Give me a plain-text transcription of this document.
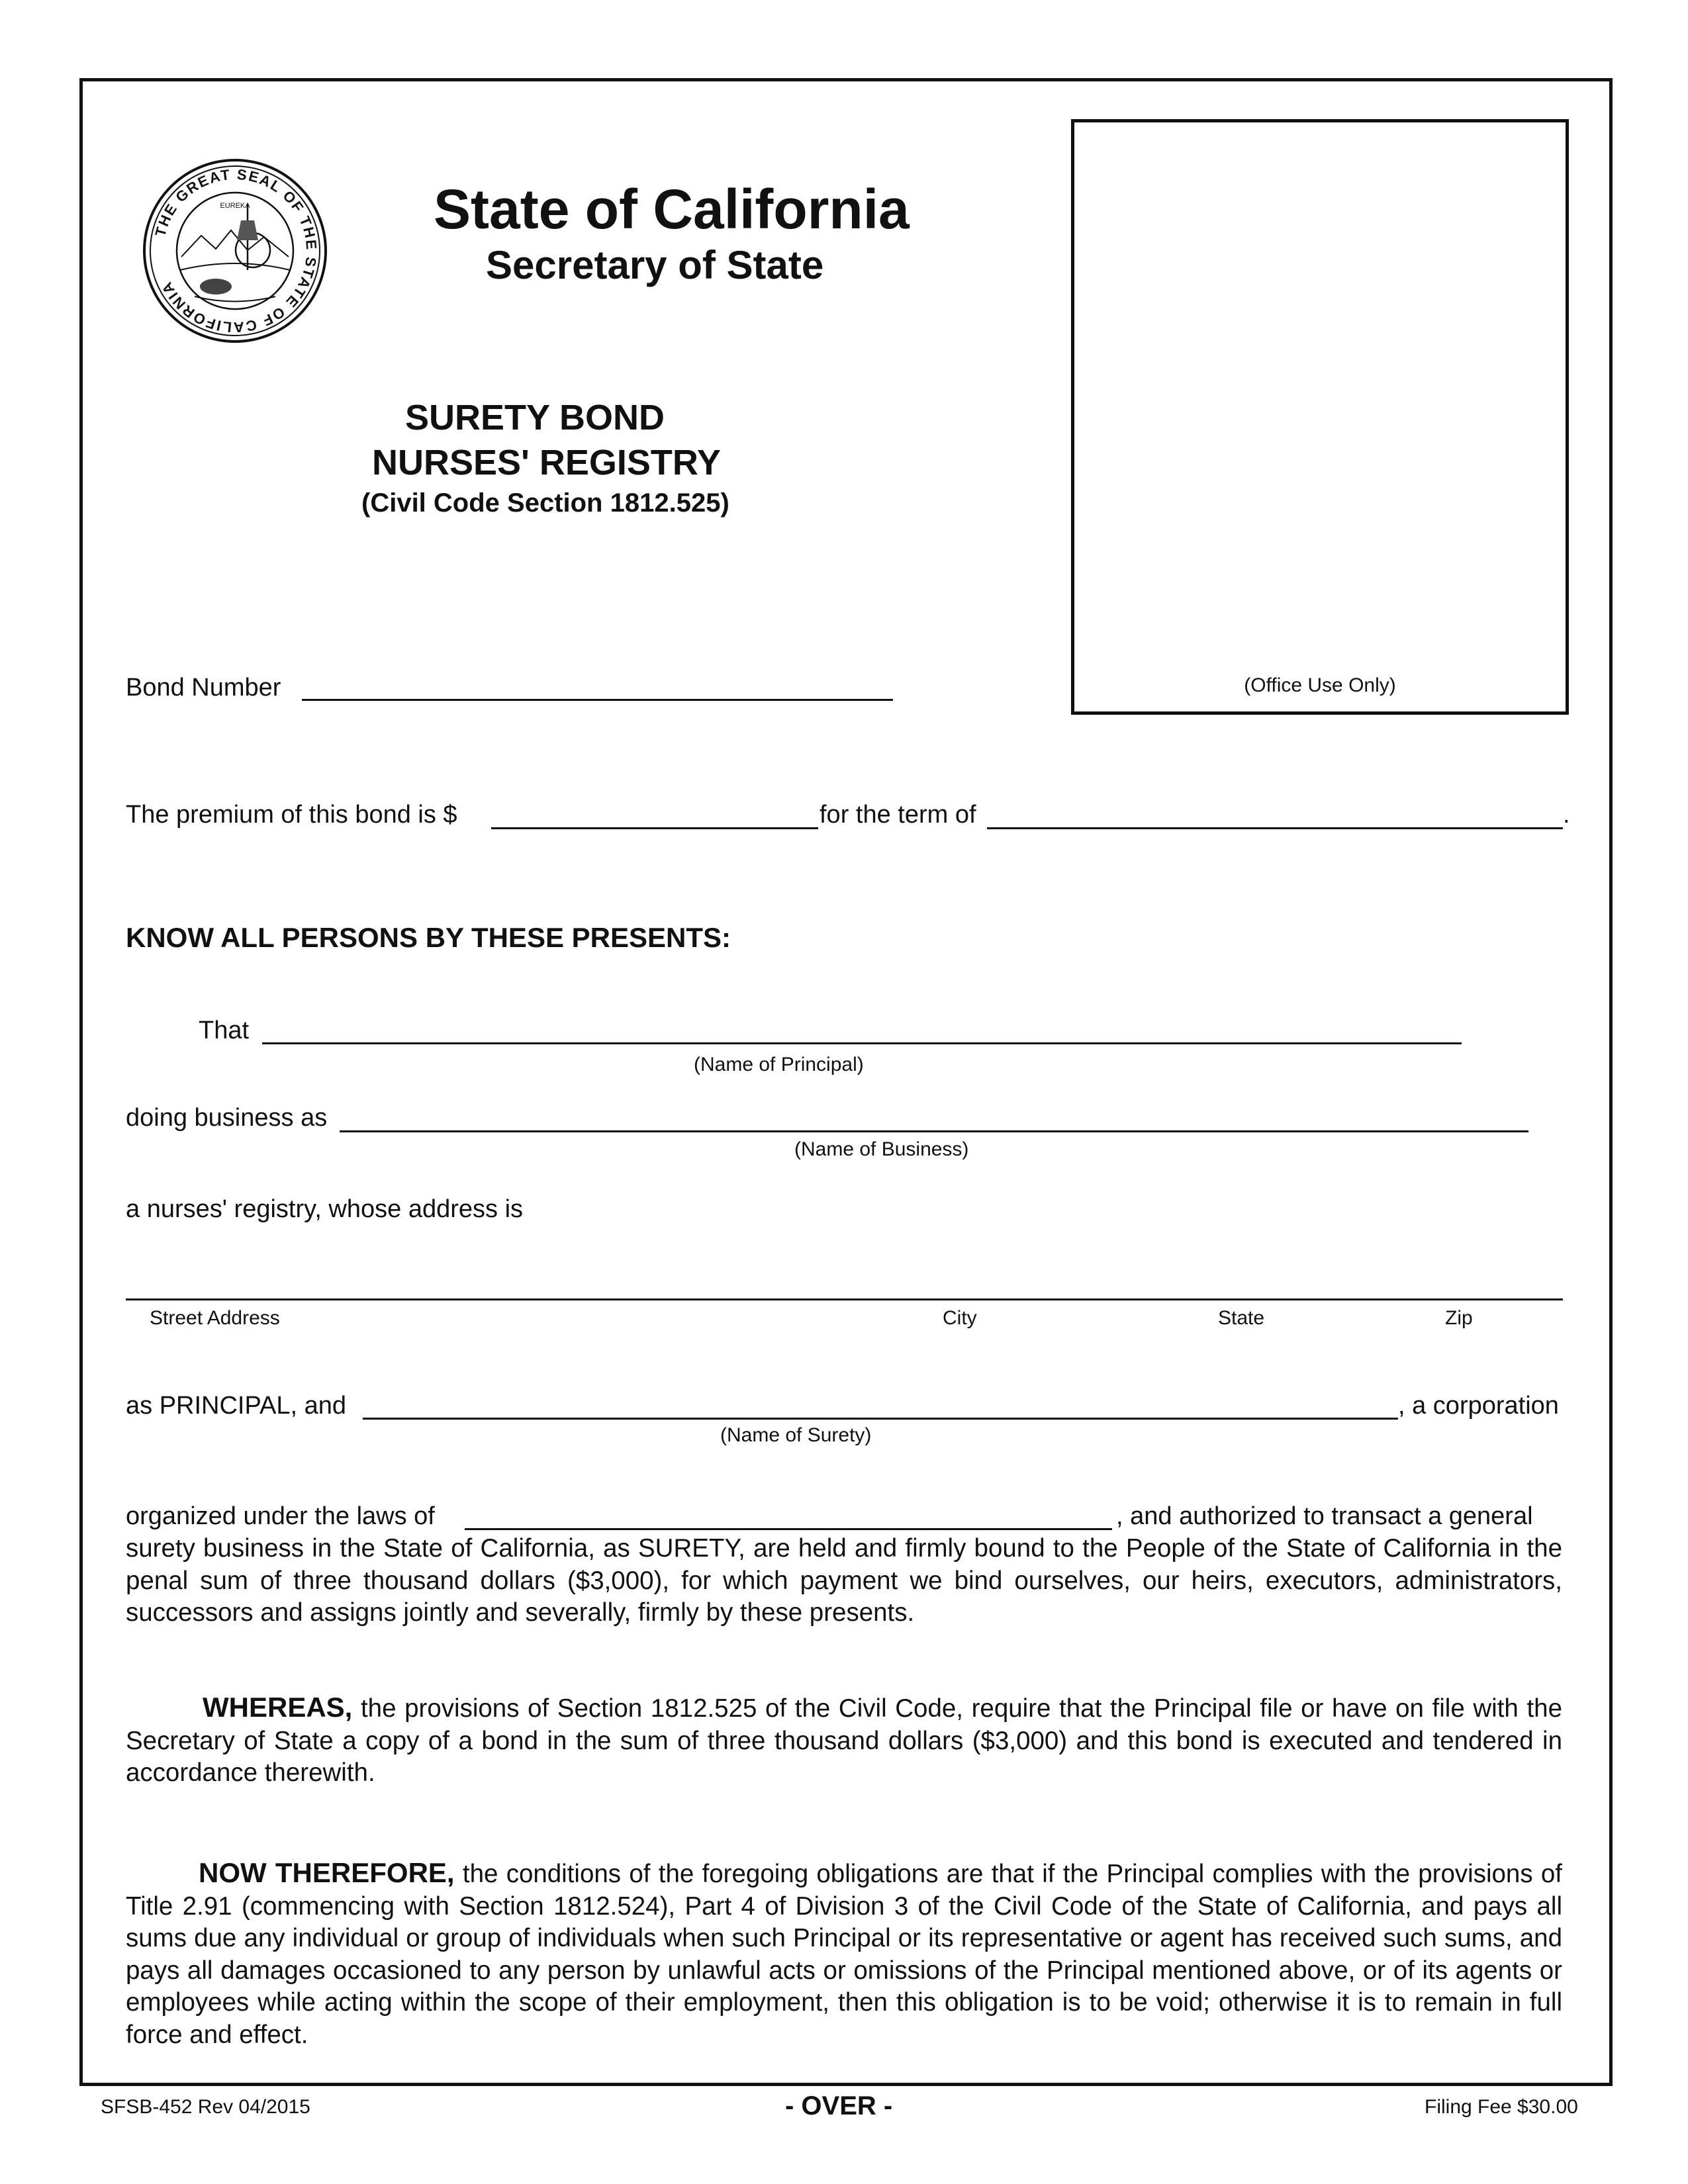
THE GREAT SEAL OF THE STATE OF CALIFORNIA
EUREKA	State of California
Secretary of State
(Office Use Only)
SURETY BOND
NURSES' REGISTRY
(Civil Code Section 1812.525)
Bond Number
The premium of this bond is $	for the term of	.
KNOW ALL PERSONS BY THESE PRESENTS:
That
(Name of Principal)
doing business as
(Name of Business)
a nurses' registry, whose address is
Street Address	City	State	Zip
as PRINCIPAL, and	, a corporation
(Name of Surety)
organized under the laws of	, and authorized to transact a general
surety business in the State of California, as SURETY, are held and firmly bound to the People of the State of California in the penal sum of three thousand dollars ($3,000), for which payment we bind ourselves, our heirs, executors, administrators, successors and assigns jointly and severally, firmly by these presents.
WHEREAS, the provisions of Section 1812.525 of the Civil Code, require that the Principal file or have on file with the Secretary of State a copy of a bond in the sum of three thousand dollars ($3,000) and this bond is executed and tendered in accordance therewith.
NOW THEREFORE, the conditions of the foregoing obligations are that if the Principal complies with the provisions of Title 2.91 (commencing with Section 1812.524), Part 4 of Division 3 of the Civil Code of the State of California, and pays all sums due any individual or group of individuals when such Principal or its representative or agent has received such sums, and pays all damages occasioned to any person by unlawful acts or omissions of the Principal mentioned above, or of its agents or employees while acting within the scope of their employment, then this obligation is to be void; otherwise it is to remain in full force and effect.
SFSB-452 Rev 04/2015	- OVER -	Filing Fee $30.00
